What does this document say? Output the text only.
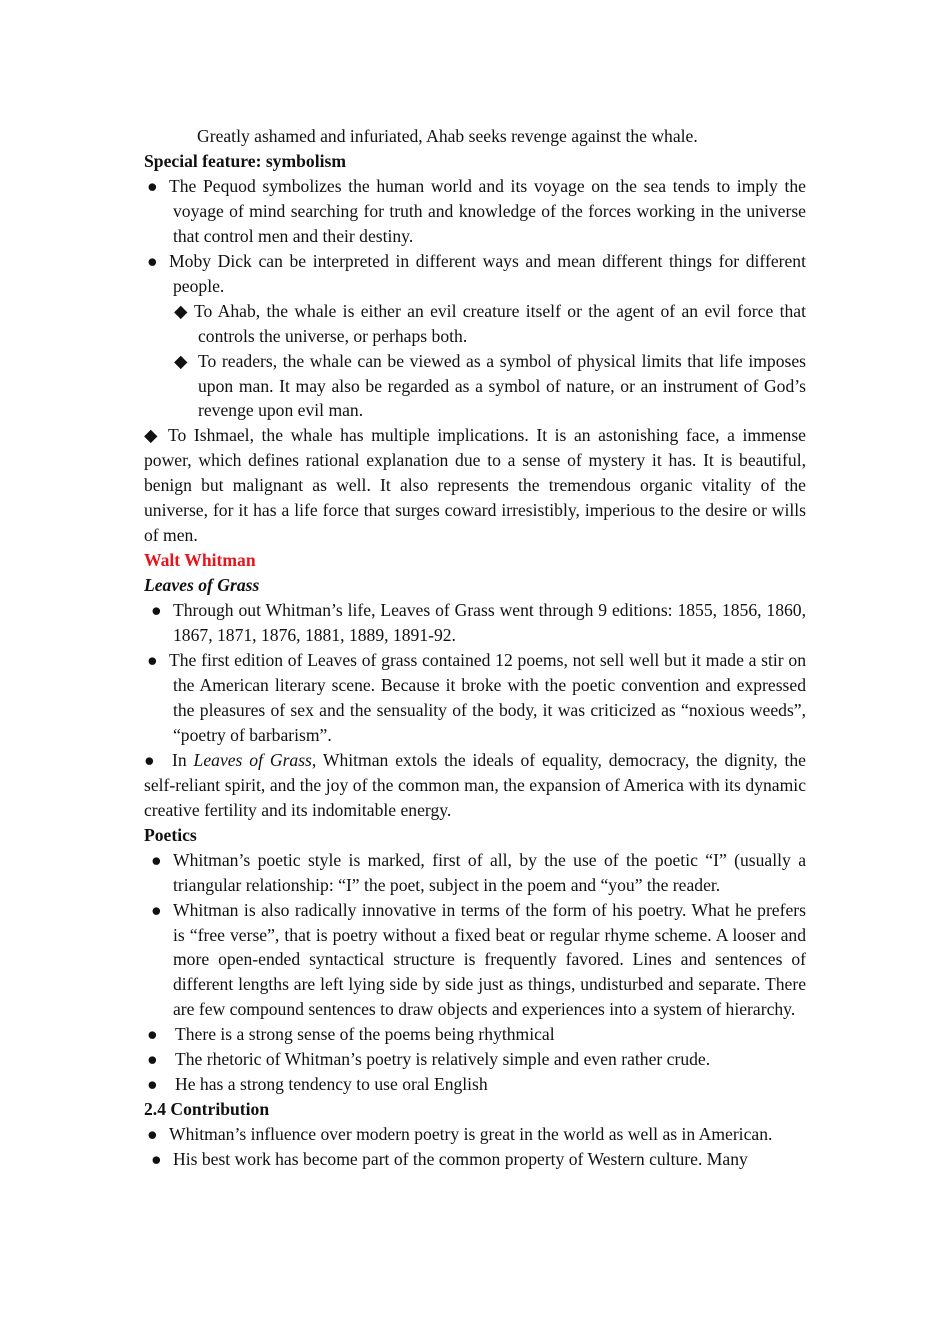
Greatly ashamed and infuriated, Ahab seeks revenge against the whale.

Special feature: symbolism

● The Pequod symbolizes the human world and its voyage on the sea tends to imply the voyage of mind searching for truth and knowledge of the forces working in the universe that control men and their destiny.

● Moby Dick can be interpreted in different ways and mean different things for different people.

◆ To Ahab, the whale is either an evil creature itself or the agent of an evil force that controls the universe, or perhaps both.

◆ To readers, the whale can be viewed as a symbol of physical limits that life imposes upon man. It may also be regarded as a symbol of nature, or an instrument of God’s revenge upon evil man.

◆ To Ishmael, the whale has multiple implications. It is an astonishing face, a immense power, which defines rational explanation due to a sense of mystery it has. It is beautiful, benign but malignant as well. It also represents the tremendous organic vitality of the universe, for it has a life force that surges coward irresistibly, imperious to the desire or wills of men.

Walt Whitman

Leaves of Grass

● Through out Whitman’s life, Leaves of Grass went through 9 editions: 1855, 1856, 1860, 1867, 1871, 1876, 1881, 1889, 1891-92.

● The first edition of Leaves of grass contained 12 poems, not sell well but it made a stir on the American literary scene. Because it broke with the poetic convention and expressed the pleasures of sex and the sensuality of the body, it was criticized as “noxious weeds”, “poetry of barbarism”.

● In Leaves of Grass, Whitman extols the ideals of equality, democracy, the dignity, the self-reliant spirit, and the joy of the common man, the expansion of America with its dynamic creative fertility and its indomitable energy.

Poetics

● Whitman’s poetic style is marked, first of all, by the use of the poetic “I” (usually a triangular relationship: “I” the poet, subject in the poem and “you” the reader.

● Whitman is also radically innovative in terms of the form of his poetry. What he prefers is “free verse”, that is poetry without a fixed beat or regular rhyme scheme. A looser and more open-ended syntactical structure is frequently favored. Lines and sentences of different lengths are left lying side by side just as things, undisturbed and separate. There are few compound sentences to draw objects and experiences into a system of hierarchy.

● There is a strong sense of the poems being rhythmical

● The rhetoric of Whitman’s poetry is relatively simple and even rather crude.

● He has a strong tendency to use oral English

2.4 Contribution

● Whitman’s influence over modern poetry is great in the world as well as in American.

● His best work has become part of the common property of Western culture. Many
